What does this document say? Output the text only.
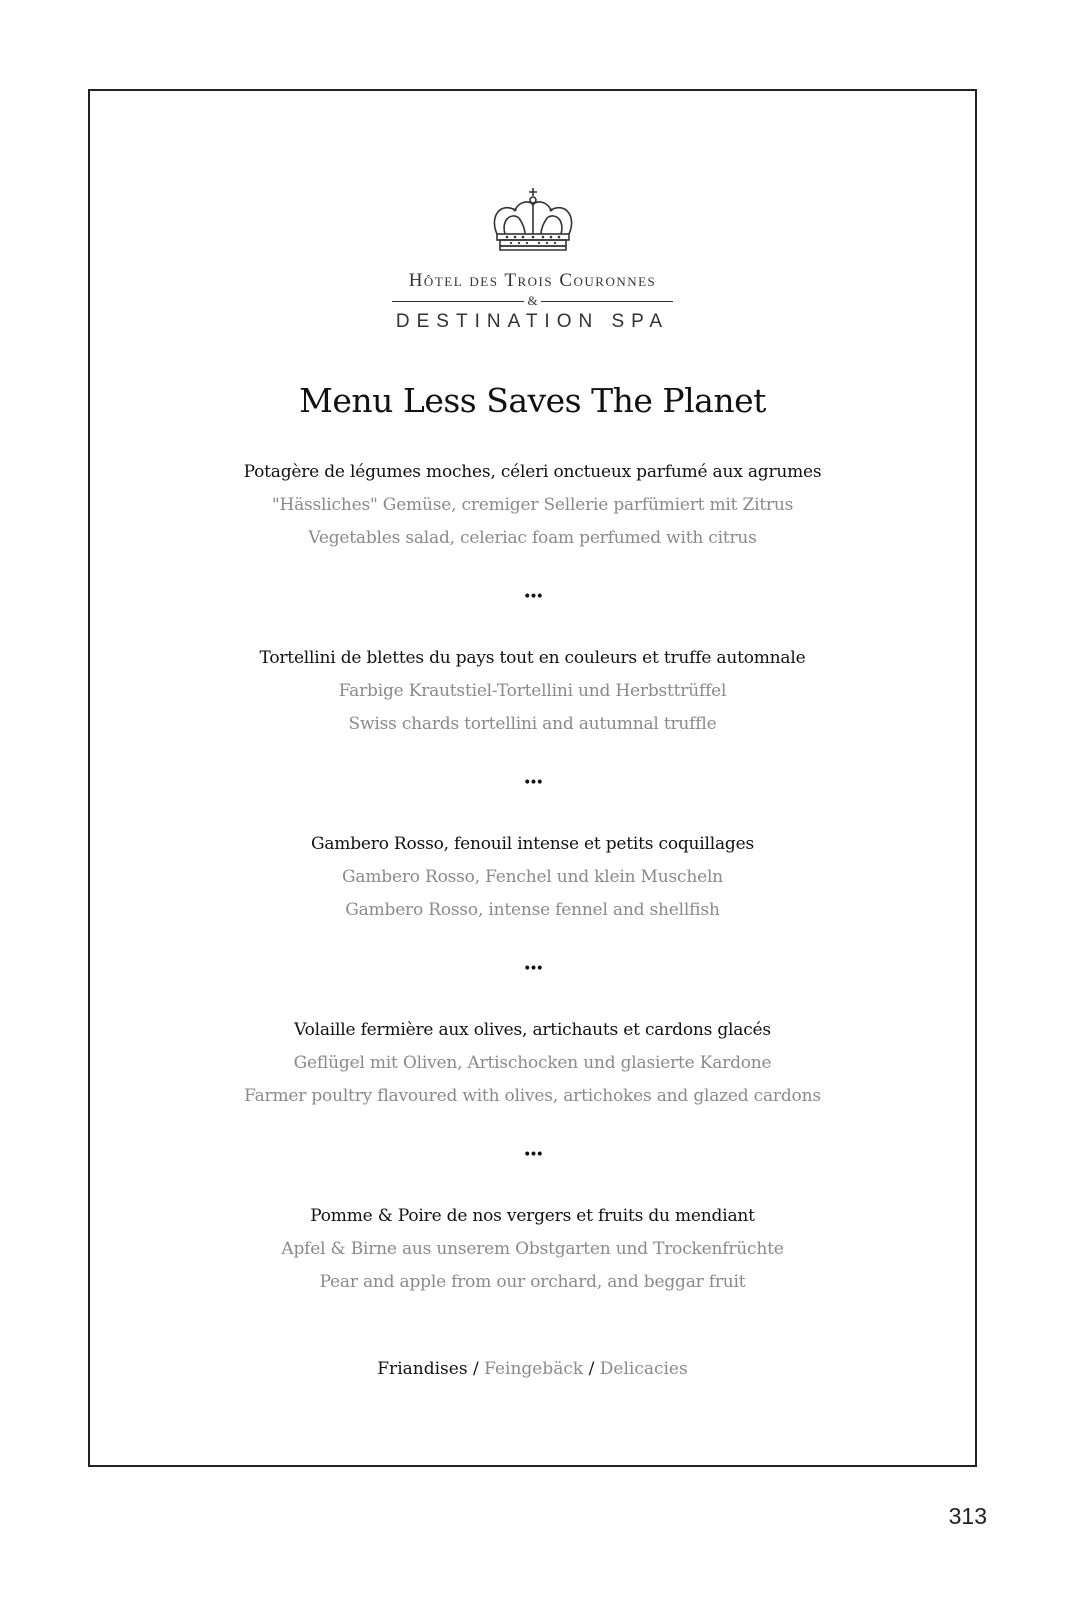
Hôtel des Trois Couronnes
&
DESTINATION SPA
Menu Less Saves The Planet
Potagère de légumes moches, céleri onctueux parfumé aux agrumes
"Hässliches" Gemüse, cremiger Sellerie parfümiert mit Zitrus
Vegetables salad, celeriac foam perfumed with citrus
•••
Tortellini de blettes du pays tout en couleurs et truffe automnale
Farbige Krautstiel-Tortellini und Herbsttrüffel
Swiss chards tortellini and autumnal truffle
•••
Gambero Rosso, fenouil intense et petits coquillages
Gambero Rosso, Fenchel und klein Muscheln
Gambero Rosso, intense fennel and shellfish
•••
Volaille fermière aux olives, artichauts et cardons glacés
Geflügel mit Oliven, Artischocken und glasierte Kardone
Farmer poultry flavoured with olives, artichokes and glazed cardons
•••
Pomme & Poire de nos vergers et fruits du mendiant
Apfel & Birne aus unserem Obstgarten und Trockenfrüchte
Pear and apple from our orchard, and beggar fruit
Friandises / Feingebäck / Delicacies
313
